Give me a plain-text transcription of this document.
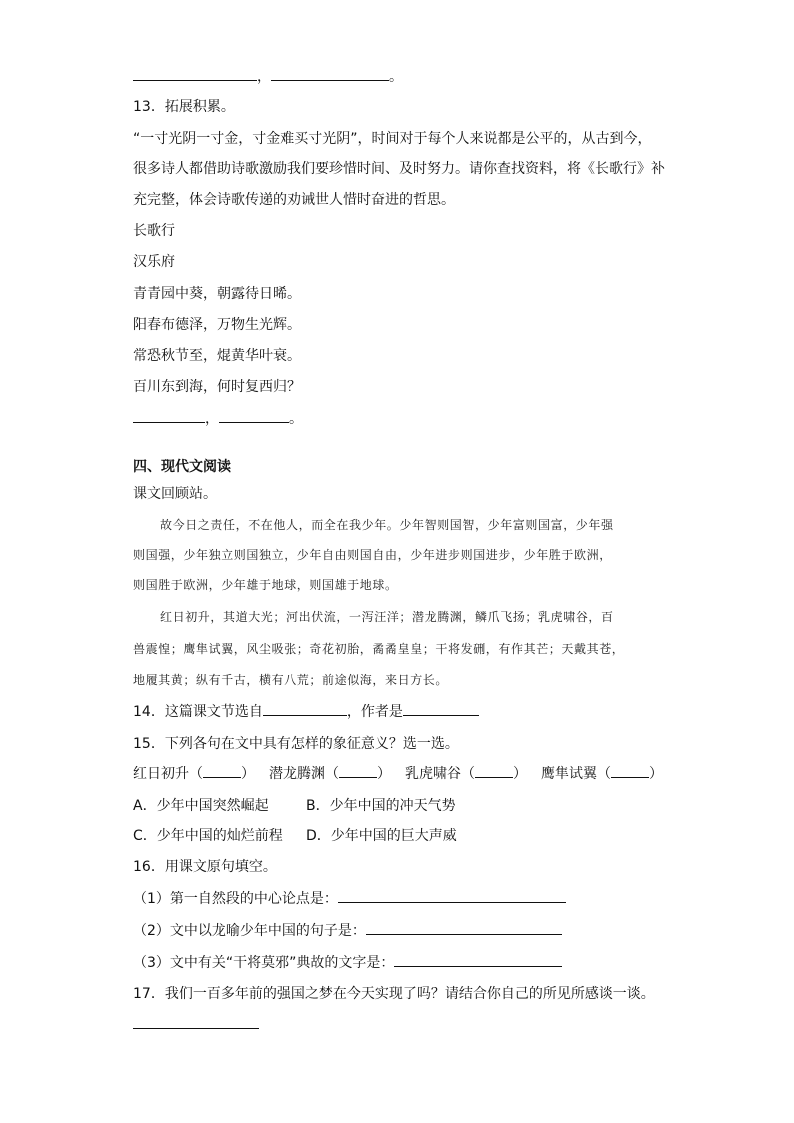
，	。
13．拓展积累。
“一寸光阴一寸金，寸金难买寸光阴”，时间对于每个人来说都是公平的，从古到今，
很多诗人都借助诗歌激励我们要珍惜时间、及时努力。请你查找资料，将《长歌行》补
充完整，体会诗歌传递的劝诫世人惜时奋进的哲思。
长歌行
汉乐府
青青园中葵，朝露待日晞。
阳春布德泽，万物生光辉。
常恐秋节至，焜黄华叶衰。
百川东到海，何时复西归？
，	。
四、现代文阅读
课文回顾站。
故今日之责任，不在他人，而全在我少年。少年智则国智，少年富则国富，少年强
则国强，少年独立则国独立，少年自由则国自由，少年进步则国进步，少年胜于欧洲，
则国胜于欧洲，少年雄于地球，则国雄于地球。
红日初升，其道大光；河出伏流，一泻汪洋；潜龙腾渊，鳞爪飞扬；乳虎啸谷，百
兽震惶；鹰隼试翼，风尘吸张；奇花初胎，矞矞皇皇；干将发硎，有作其芒；天戴其苍，
地履其黄；纵有千古，横有八荒；前途似海，来日方长。
14．这篇课文节选自	，作者是
15．下列各句在文中具有怎样的象征意义？选一选。
红日初升（	） 潜龙腾渊（	） 乳虎啸谷（	） 鹰隼试翼（	）
A．少年中国突然崛起	B．少年中国的冲天气势
C．少年中国的灿烂前程 D．少年中国的巨大声威
16．用课文原句填空。
（1）第一自然段的中心论点是：
（2）文中以龙喻少年中国的句子是：
（3）文中有关“干将莫邪”典故的文字是：
17．我们一百多年前的强国之梦在今天实现了吗？请结合你自己的所见所感谈一谈。
